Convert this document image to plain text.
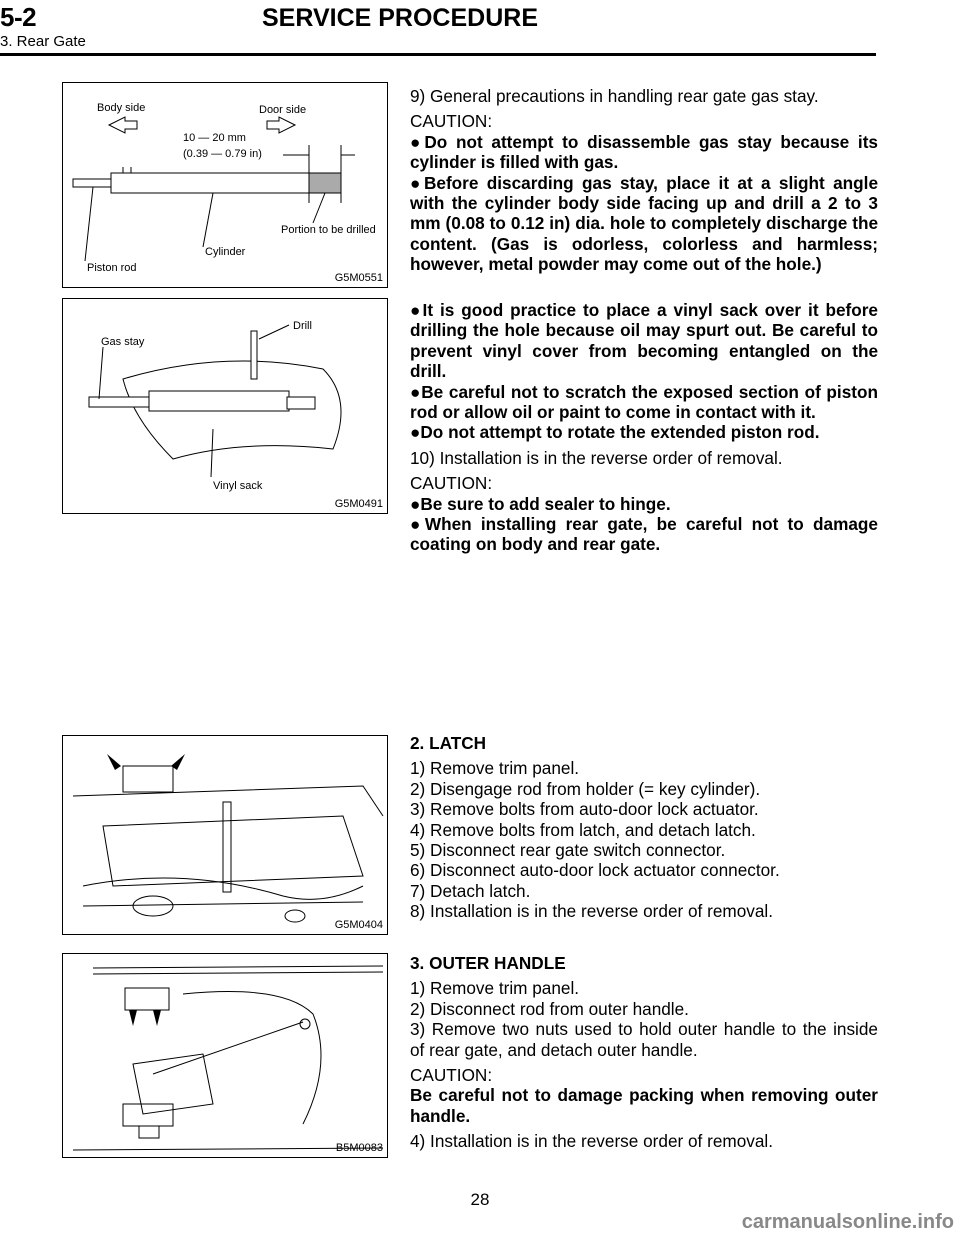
5-2	SERVICE PROCEDURE
3. Rear Gate
Body side	Door side
10 — 20 mm
(0.39 — 0.79 in)
Portion to be drilled
Cylinder
Piston rod
G5M0551
Gas stay
Drill
Vinyl sack
G5M0491
G5M0404
B5M0083

9) General precautions in handling rear gate gas stay.

CAUTION:

●Do not attempt to disassemble gas stay because its cylinder is filled with gas.

●Before discarding gas stay, place it at a slight angle with the cylinder body side facing up and drill a 2 to 3 mm (0.08 to 0.12 in) dia. hole to completely discharge the content. (Gas is odorless, colorless and harmless; however, metal powder may come out of the hole.)

●It is good practice to place a vinyl sack over it before drilling the hole because oil may spurt out. Be careful to prevent vinyl cover from becoming entangled on the drill.

●Be careful not to scratch the exposed section of piston rod or allow oil or paint to come in contact with it.

●Do not attempt to rotate the extended piston rod.

10) Installation is in the reverse order of removal.

CAUTION:

●Be sure to add sealer to hinge.

●When installing rear gate, be careful not to damage coating on body and rear gate.

2. LATCH

1) Remove trim panel.

2) Disengage rod from holder (= key cylinder).

3) Remove bolts from auto-door lock actuator.

4) Remove bolts from latch, and detach latch.

5) Disconnect rear gate switch connector.

6) Disconnect auto-door lock actuator connector.

7) Detach latch.

8) Installation is in the reverse order of removal.

3. OUTER HANDLE

1) Remove trim panel.

2) Disconnect rod from outer handle.

3) Remove two nuts used to hold outer handle to the inside of rear gate, and detach outer handle.

CAUTION:

Be careful not to damage packing when removing outer handle.

4) Installation is in the reverse order of removal.

28
carmanualsonline.info
